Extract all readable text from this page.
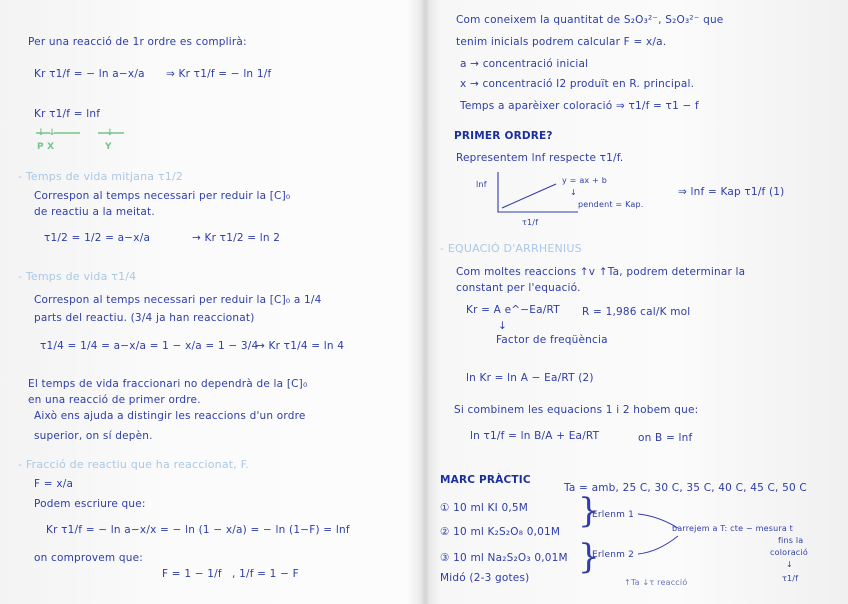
Per una reacció de 1r ordre es complirà:
Kr τ1/f = − ln a−x/a ⇒ Kr τ1/f = − ln 1/f
Kr τ1/f = lnf
↓ ↓	↓
P X	Y
- Temps de vida mitjana τ1/2
Correspon al temps necessari per reduir la [C]₀
de reactiu a la meitat.
τ1/2 = 1/2 = a−x/a	→ Kr τ1/2 = ln 2
- Temps de vida τ1/4
Correspon al temps necessari per reduir la [C]₀ a 1/4
parts del reactiu. (3/4 ja han reaccionat)
τ1/4 = 1/4 = a−x/a = 1 − x/a = 1 − 3/4
→ Kr τ1/4 = ln 4
El temps de vida fraccionari no dependrà de la [C]₀
en una reacció de primer ordre.
Això ens ajuda a distingir les reaccions d'un ordre
superior, on sí depèn.
- Fracció de reactiu que ha reaccionat, F.
F = x/a
Podem escriure que:
Kr τ1/f = − ln a−x/x = − ln (1 − x/a) = − ln (1−F) = lnf
on comprovem que:
F = 1 − 1/f , 1/f = 1 − F
Com coneixem la quantitat de S₂O₃²⁻, S₂O₃²⁻ que
tenim inicials podrem calcular F = x/a.
a → concentració inicial
x → concentració I2 produït en R. principal.
Temps a aparèixer coloració ⇒ τ1/f = τ1 − f
PRIMER ORDRE?
Representem lnf respecte τ1/f.
lnf	y = ax + b
↓
pendent = Kap.
τ1/f
⇒ lnf = Kap τ1/f (1)
- EQUACIÓ D'ARRHENIUS
Com moltes reaccions ↑v ↑Ta, podrem determinar la
constant per l'equació.
Kr = A e^−Ea/RT R = 1,986 cal/K mol
↓
Factor de freqüència
ln Kr = ln A − Ea/RT (2)
Si combinem les equacions 1 i 2 hobem que:
ln τ1/f = ln B/A + Ea/RT	on B = lnf
MARC PRÀCTIC
Ta = amb, 25 C, 30 C, 35 C, 40 C, 45 C, 50 C
① 10 ml KI 0,5M
② 10 ml K₂S₂O₈ 0,01M
③ 10 ml Na₂S₂O₃ 0,01M
Midó (2-3 gotes)
}
}
Erlenm 1
Erlenm 2
barrejem a T: cte − mesura t
fins la
coloració
↓
τ1/f
↑Ta ↓τ reacció
